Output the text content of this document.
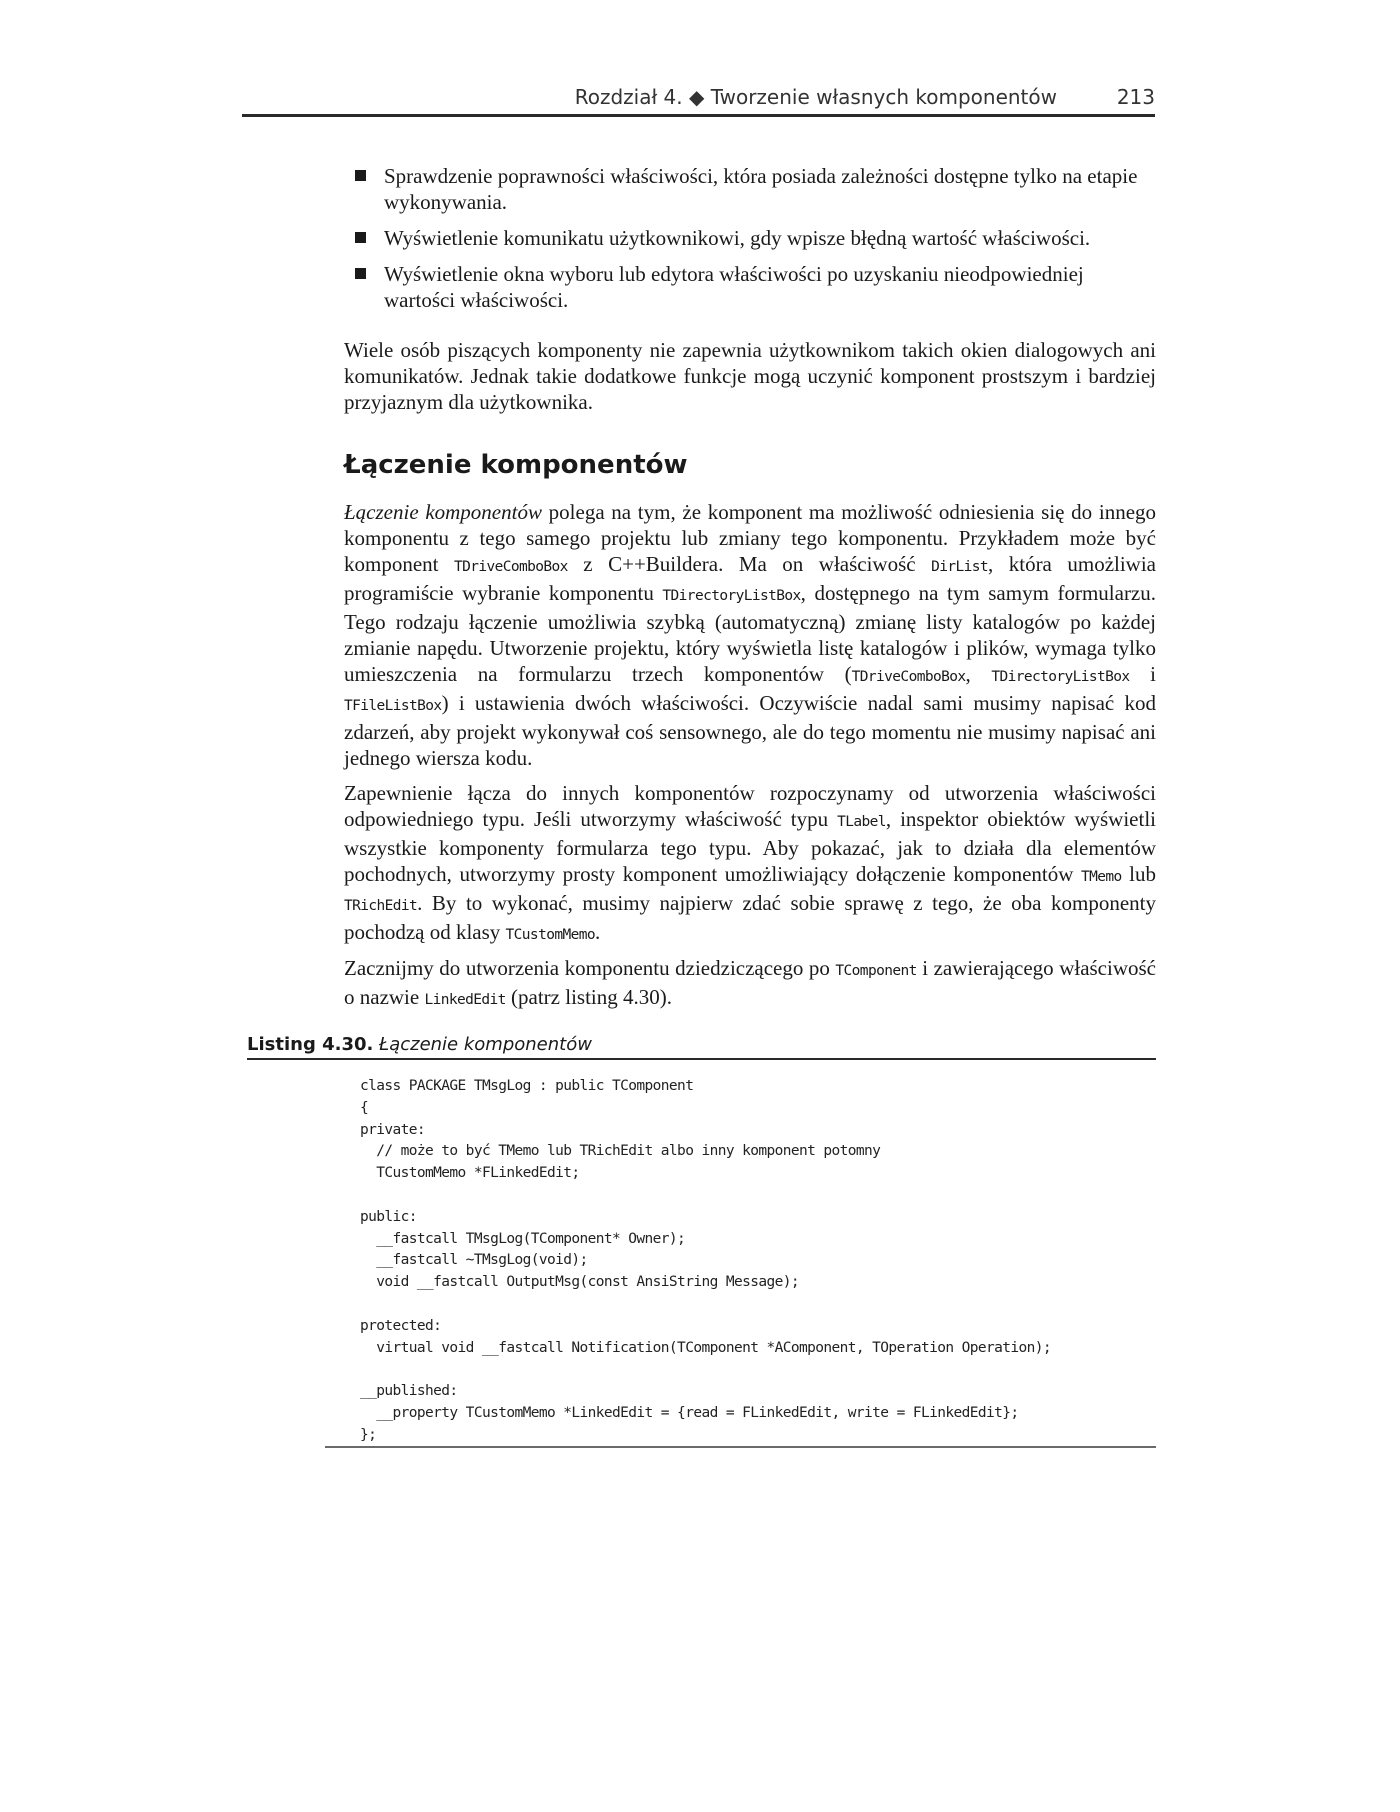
Rozdział 4. ◆ Tworzenie własnych komponentów	213
Sprawdzenie poprawności właściwości, która posiada zależności dostępne tylko na etapie wykonywania.
Wyświetlenie komunikatu użytkownikowi, gdy wpisze błędną wartość właściwości.
Wyświetlenie okna wyboru lub edytora właściwości po uzyskaniu nieodpowiedniej wartości właściwości.

Wiele osób piszących komponenty nie zapewnia użytkownikom takich okien dialogowych ani komunikatów. Jednak takie dodatkowe funkcje mogą uczynić komponent prostszym i bardziej przyjaznym dla użytkownika.

Łączenie komponentów

Łączenie komponentów polega na tym, że komponent ma możliwość odniesienia się do innego komponentu z tego samego projektu lub zmiany tego komponentu. Przykładem może być komponent TDriveComboBox z C++Buildera. Ma on właściwość DirList, która umożliwia programiście wybranie komponentu TDirectoryListBox, dostępnego na tym samym formularzu. Tego rodzaju łączenie umożliwia szybką (automatyczną) zmianę listy katalogów po każdej zmianie napędu. Utworzenie projektu, który wyświetla listę katalogów i plików, wymaga tylko umieszczenia na formularzu trzech komponentów (TDriveComboBox, TDirectoryListBox i TFileListBox) i ustawienia dwóch właściwości. Oczywiście nadal sami musimy napisać kod zdarzeń, aby projekt wykonywał coś sensownego, ale do tego momentu nie musimy napisać ani jednego wiersza kodu.

Zapewnienie łącza do innych komponentów rozpoczynamy od utworzenia właściwości odpowiedniego typu. Jeśli utworzymy właściwość typu TLabel, inspektor obiektów wyświetli wszystkie komponenty formularza tego typu. Aby pokazać, jak to działa dla elementów pochodnych, utworzymy prosty komponent umożliwiający dołączenie komponentów TMemo lub TRichEdit. By to wykonać, musimy najpierw zdać sobie sprawę z tego, że oba komponenty pochodzą od klasy TCustomMemo.

Zacznijmy do utworzenia komponentu dziedziczącego po TComponent i zawierającego właściwość o nazwie LinkedEdit (patrz listing 4.30).

Listing 4.30. Łączenie komponentów
class PACKAGE TMsgLog : public TComponent
{
private:
// może to być TMemo lub TRichEdit albo inny komponent potomny
TCustomMemo *FLinkedEdit;

public:
__fastcall TMsgLog(TComponent* Owner);
__fastcall ~TMsgLog(void);
void __fastcall OutputMsg(const AnsiString Message);

protected:
virtual void __fastcall Notification(TComponent *AComponent, TOperation Operation);

__published:
__property TCustomMemo *LinkedEdit = {read = FLinkedEdit, write = FLinkedEdit};
};
